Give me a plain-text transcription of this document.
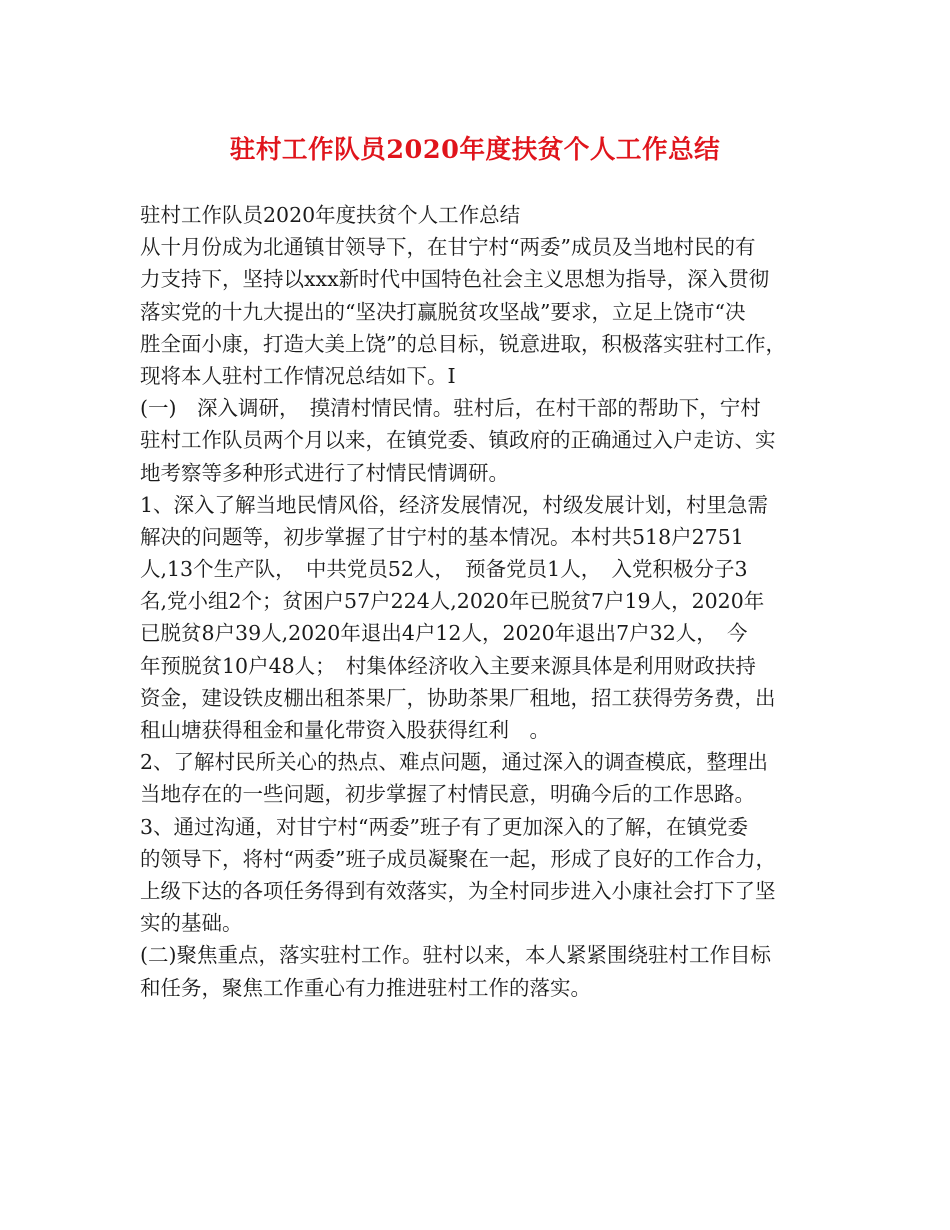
驻村工作队员2020年度扶贫个人工作总结
驻村工作队员2020年度扶贫个人工作总结
从十月份成为北通镇甘领导下，在甘宁村“两委”成员及当地村民的有
力支持下，坚持以xxx新时代中国特色社会主义思想为指导，深入贯彻
落实党的十九大提出的“坚决打赢脱贫攻坚战”要求，立足上饶市“决
胜全面小康，打造大美上饶”的总目标，锐意进取，积极落实驻村工作，
现将本人驻村工作情况总结如下。I
(一)　深入调研，　摸清村情民情。驻村后，在村干部的帮助下，宁村
驻村工作队员两个月以来，在镇党委、镇政府的正确通过入户走访、实
地考察等多种形式进行了村情民情调研。
1、深入了解当地民情风俗，经济发展情况，村级发展计划，村里急需
解决的问题等，初步掌握了甘宁村的基本情况。本村共518户2751
人,13个生产队，　中共党员52人，　预备党员1人，　入党积极分子3
名,党小组2个；贫困户57户224人,2020年已脱贫7户19人，2020年
已脱贫8户39人,2020年退出4户12人，2020年退出7户32人，　今
年预脱贫10户48人；　村集体经济收入主要来源具体是利用财政扶持
资金，建设铁皮棚出租茶果厂，协助茶果厂租地，招工获得劳务费，出
租山塘获得租金和量化带资入股获得红利　。
2、了解村民所关心的热点、难点问题，通过深入的调查模底，整理出
当地存在的一些问题，初步掌握了村情民意，明确今后的工作思路。
3、通过沟通，对甘宁村“两委”班子有了更加深入的了解，在镇党委
的领导下，将村“两委”班子成员凝聚在一起，形成了良好的工作合力，
上级下达的各项任务得到有效落实，为全村同步进入小康社会打下了坚
实的基础。
(二)聚焦重点，落实驻村工作。驻村以来，本人紧紧围绕驻村工作目标
和任务，聚焦工作重心有力推进驻村工作的落实。
